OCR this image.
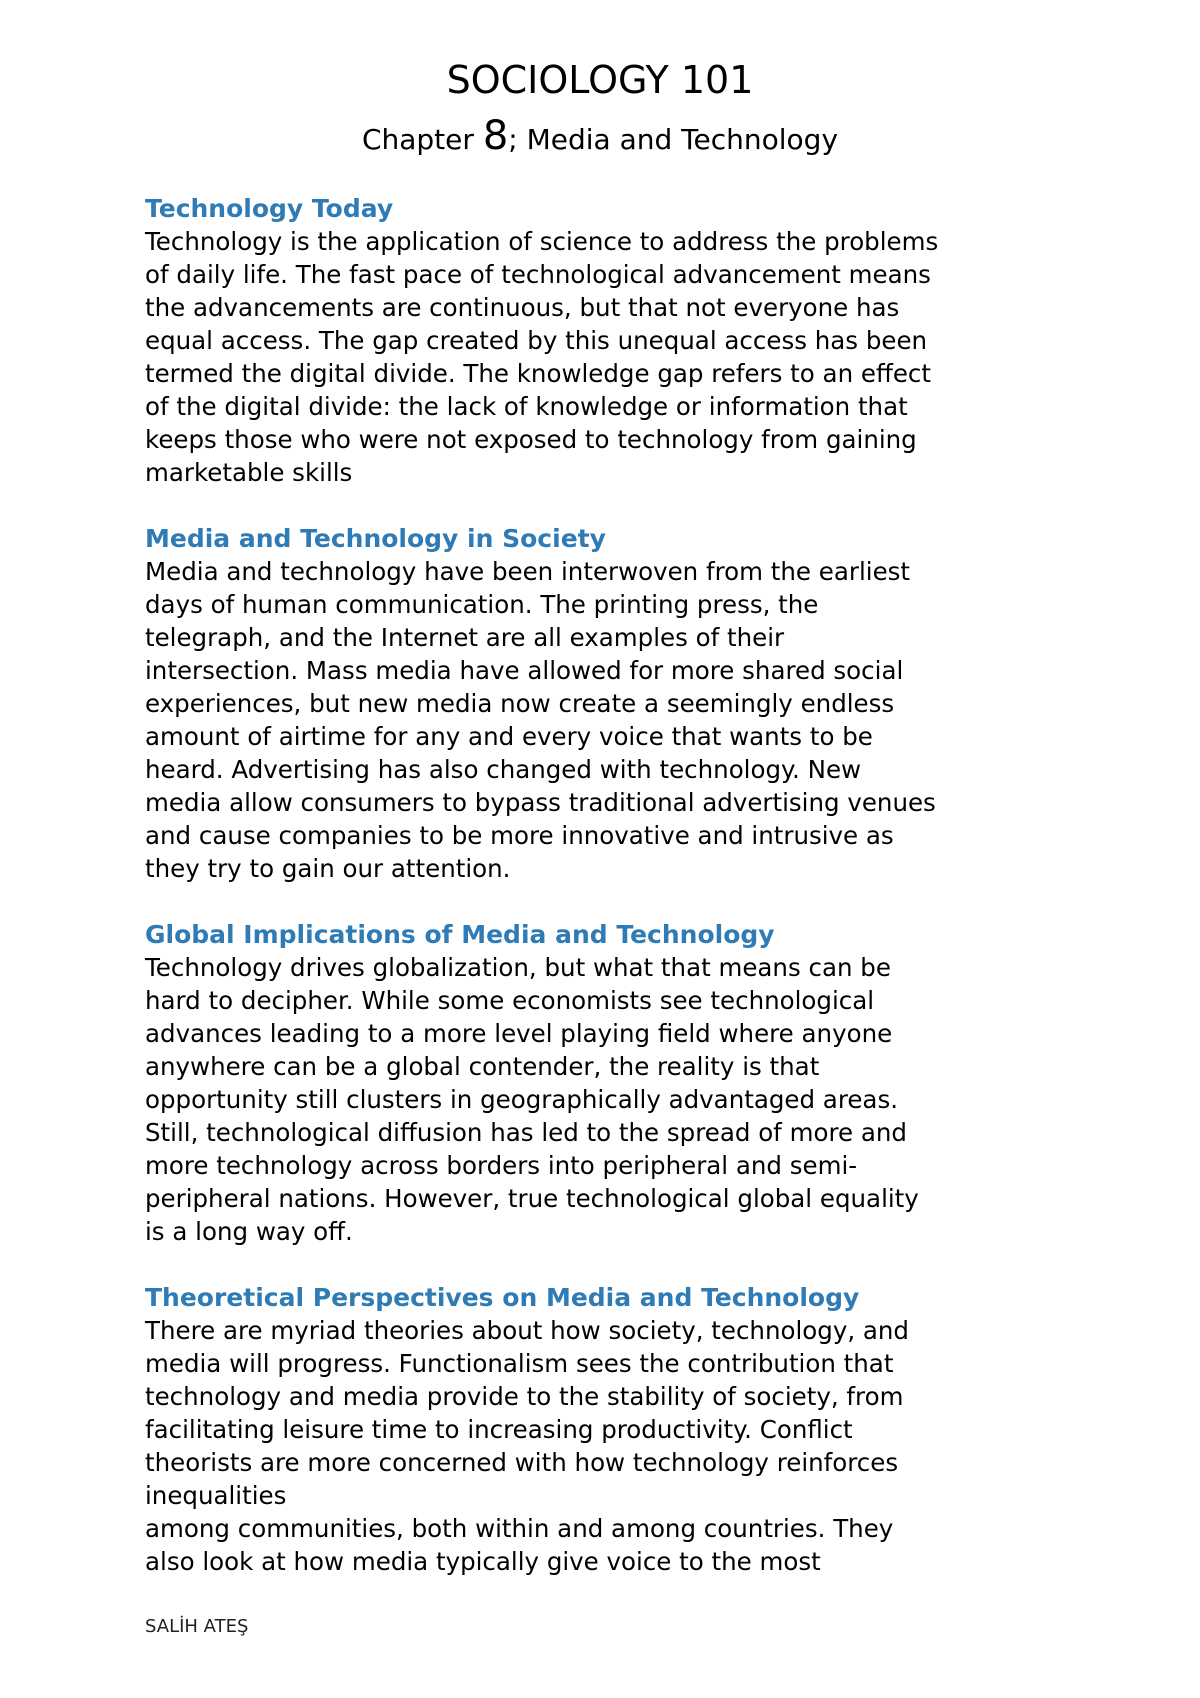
SOCIOLOGY 101
Chapter 8; Media and Technology
Technology Today

Technology is the application of science to address the problems
of daily life. The fast pace of technological advancement means
the advancements are continuous, but that not everyone has
equal access. The gap created by this unequal access has been
termed the digital divide. The knowledge gap refers to an effect
of the digital divide: the lack of knowledge or information that
keeps those who were not exposed to technology from gaining
marketable skills

Media and Technology in Society

Media and technology have been interwoven from the earliest
days of human communication. The printing press, the
telegraph, and the Internet are all examples of their
intersection. Mass media have allowed for more shared social
experiences, but new media now create a seemingly endless
amount of airtime for any and every voice that wants to be
heard. Advertising has also changed with technology. New
media allow consumers to bypass traditional advertising venues
and cause companies to be more innovative and intrusive as
they try to gain our attention.

Global Implications of Media and Technology

Technology drives globalization, but what that means can be
hard to decipher. While some economists see technological
advances leading to a more level playing field where anyone
anywhere can be a global contender, the reality is that
opportunity still clusters in geographically advantaged areas.
Still, technological diffusion has led to the spread of more and
more technology across borders into peripheral and semi-
peripheral nations. However, true technological global equality
is a long way off.

Theoretical Perspectives on Media and Technology

There are myriad theories about how society, technology, and
media will progress. Functionalism sees the contribution that
technology and media provide to the stability of society, from
facilitating leisure time to increasing productivity. Conflict
theorists are more concerned with how technology reinforces
inequalities
among communities, both within and among countries. They
also look at how media typically give voice to the most

SALİH ATEŞ
